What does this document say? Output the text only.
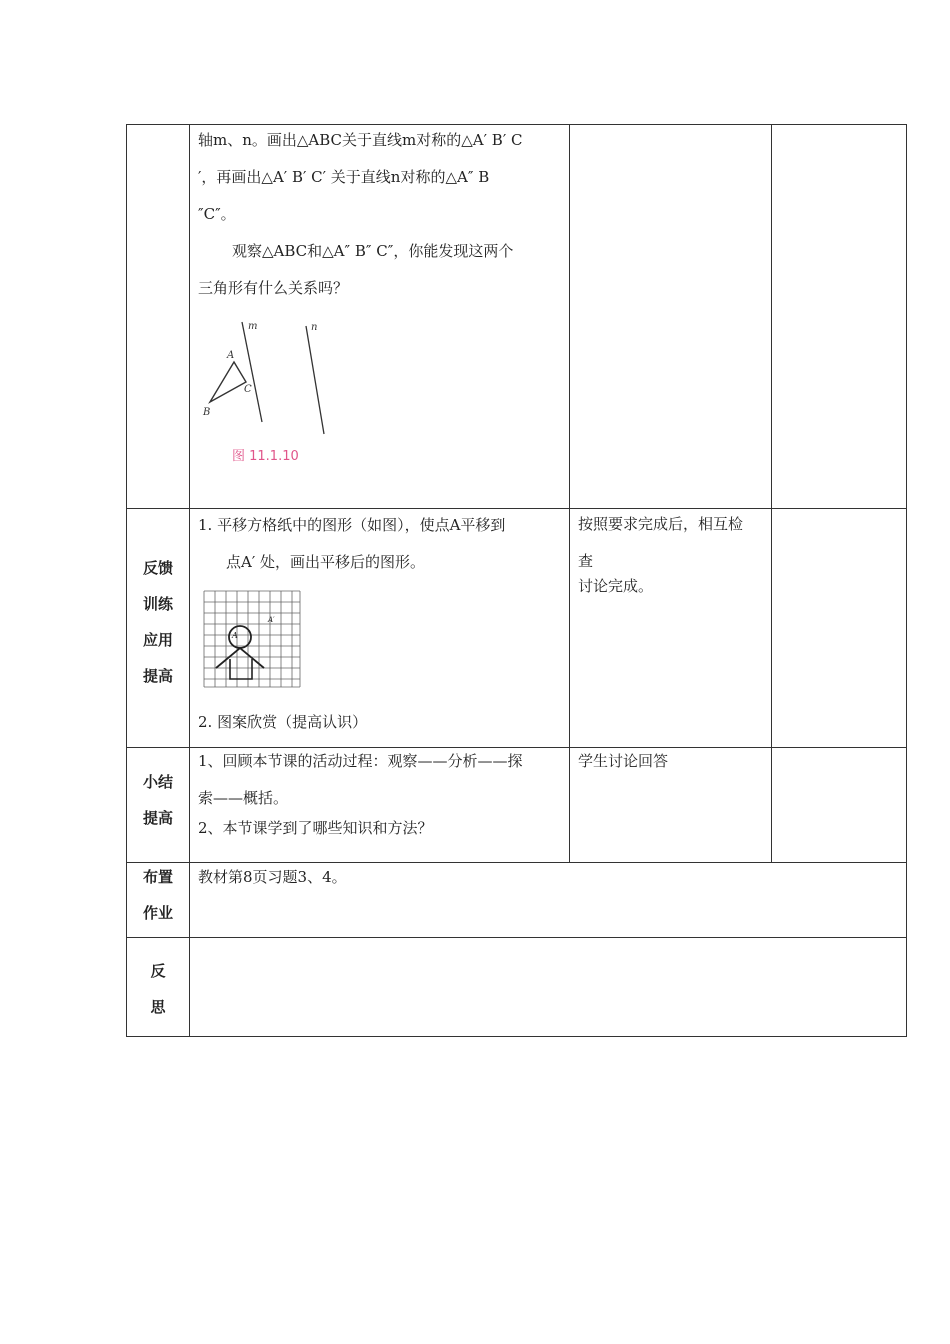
轴m、n。画出△ABC关于直线m对称的△A′ B′ C

′，再画出△A′ B′ C′ 关于直线n对称的△A″ B

″C″。

观察△ABC和△A″ B″ C″，你能发现这两个

三角形有什么关系吗？

m	n
A
B
C
图 11.1.10
反馈
训练
应用
提高

1. 平移方格纸中的图形（如图），使点A平移到

点A′ 处，画出平移后的图形。

A
A′

2. 图案欣赏（提高认识）

按照要求完成后，相互检

查

讨论完成。

小结
提高

1、回顾本节课的活动过程：观察——分析——探

索——概括。

2、本节课学到了哪些知识和方法？

学生讨论回答

布置
作业

教材第8页习题3、4。

反
思
